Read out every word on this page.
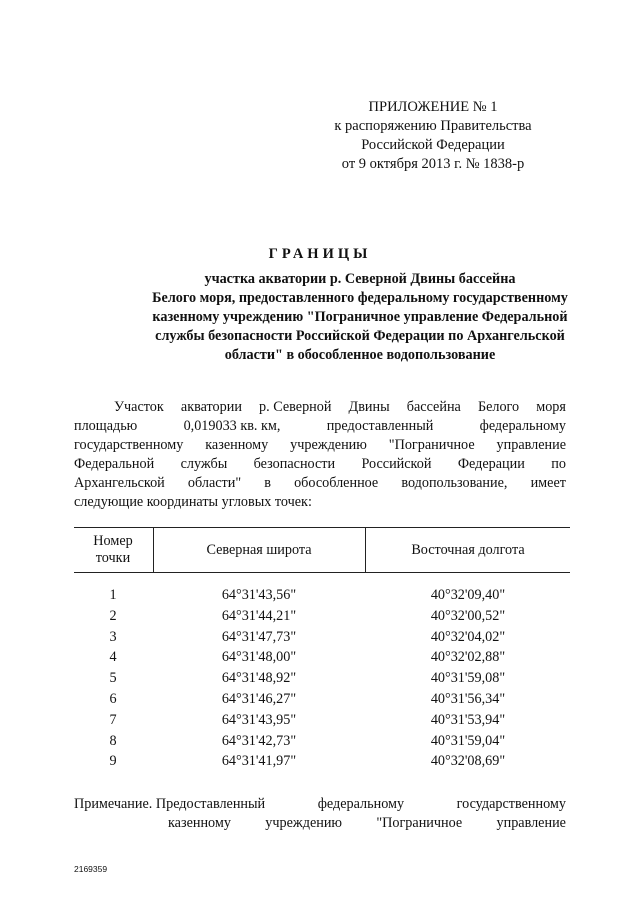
ПРИЛОЖЕНИЕ № 1
к распоряжению Правительства
Российской Федерации
от 9 октября 2013 г. № 1838-р
ГРАНИЦЫ
участка акватории р. Северной Двины бассейна
Белого моря, предоставленного федеральному государственному
казенному учреждению "Пограничное управление Федеральной
службы безопасности Российской Федерации по Архангельской
области" в обособленное водопользование
Участок акватории р. Северной Двины бассейна Белого моря
площадью	0,019033 кв. км,	предоставленный	федеральному
государственному казенному учреждению "Пограничное управление
Федеральной службы безопасности Российской Федерации по
Архангельской области" в обособленное водопользование, имеет
следующие координаты угловых точек:
Номер
точки
Северная широта	Восточная долгота
1	64°31'43,56"	40°32'09,40"
2	64°31'44,21"	40°32'00,52"
3	64°31'47,73"	40°32'04,02"
4	64°31'48,00"	40°32'02,88"
5	64°31'48,92"	40°31'59,08"
6	64°31'46,27"	40°31'56,34"
7	64°31'43,95"	40°31'53,94"
8	64°31'42,73"	40°31'59,04"
9	64°31'41,97"	40°32'08,69"
Примечание. Предоставленный	федеральному	государственному
казенному учреждению "Пограничное управление
2169359
